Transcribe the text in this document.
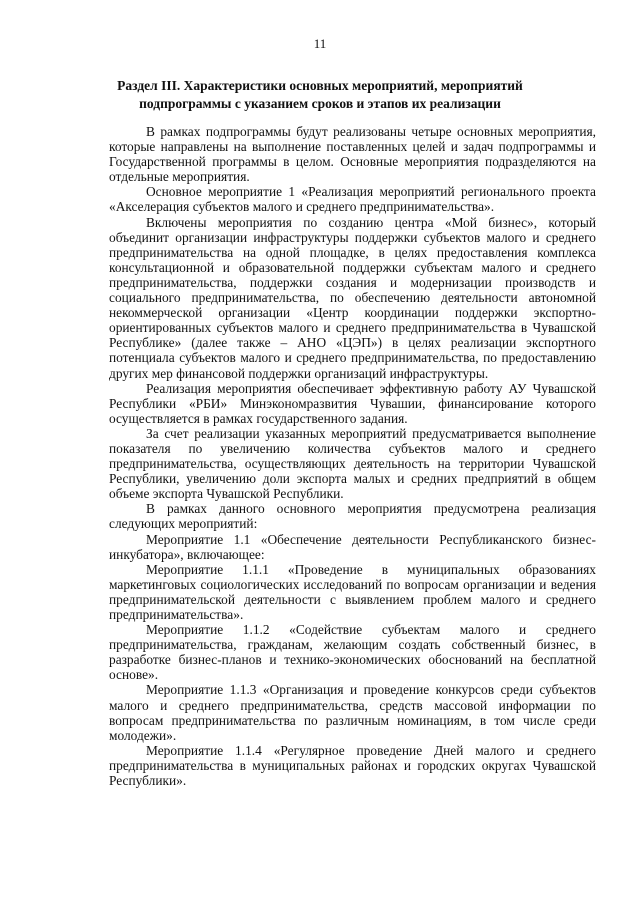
11
Раздел III. Характеристики основных мероприятий, мероприятий подпрограммы с указанием сроков и этапов их реализации

В рамках подпрограммы будут реализованы четыре основных мероприятия, которые направлены на выполнение поставленных целей и задач подпрограммы и Государственной программы в целом. Основные мероприятия подразделяются на отдельные мероприятия.

Основное мероприятие 1 «Реализация мероприятий регионального проекта «Акселерация субъектов малого и среднего предпринимательства».

Включены мероприятия по созданию центра «Мой бизнес», который объединит организации инфраструктуры поддержки субъектов малого и среднего предпринимательства на одной площадке, в целях предоставления комплекса консультационной и образовательной поддержки субъектам малого и среднего предпринимательства, поддержки создания и модернизации производств и социального предпринимательства, по обеспечению деятельности автономной некоммерческой организации «Центр координации поддержки экспортно-ориентированных субъектов малого и среднего предпринимательства в Чувашской Республике» (далее также – АНО «ЦЭП») в целях реализации экспортного потенциала субъектов малого и среднего предпринимательства, по предоставлению других мер финансовой поддержки организаций инфраструктуры.

Реализация мероприятия обеспечивает эффективную работу АУ Чувашской Республики «РБИ» Минэкономразвития Чувашии, финансирование которого осуществляется в рамках государственного задания.

За счет реализации указанных мероприятий предусматривается выполнение показателя по увеличению количества субъектов малого и среднего предпринимательства, осуществляющих деятельность на территории Чувашской Республики, увеличению доли экспорта малых и средних предприятий в общем объеме экспорта Чувашской Республики.

В рамках данного основного мероприятия предусмотрена реализация следующих мероприятий:

Мероприятие 1.1 «Обеспечение деятельности Республиканского бизнес-инкубатора», включающее:

Мероприятие 1.1.1 «Проведение в муниципальных образованиях маркетинговых социологических исследований по вопросам организации и ведения предпринимательской деятельности с выявлением проблем малого и среднего предпринимательства».

Мероприятие 1.1.2 «Содействие субъектам малого и среднего предпринимательства, гражданам, желающим создать собственный бизнес, в разработке бизнес-планов и технико-экономических обоснований на бесплатной основе».

Мероприятие 1.1.3 «Организация и проведение конкурсов среди субъектов малого и среднего предпринимательства, средств массовой информации по вопросам предпринимательства по различным номинациям, в том числе среди молодежи».

Мероприятие 1.1.4 «Регулярное проведение Дней малого и среднего предпринимательства в муниципальных районах и городских округах Чувашской Республики».
